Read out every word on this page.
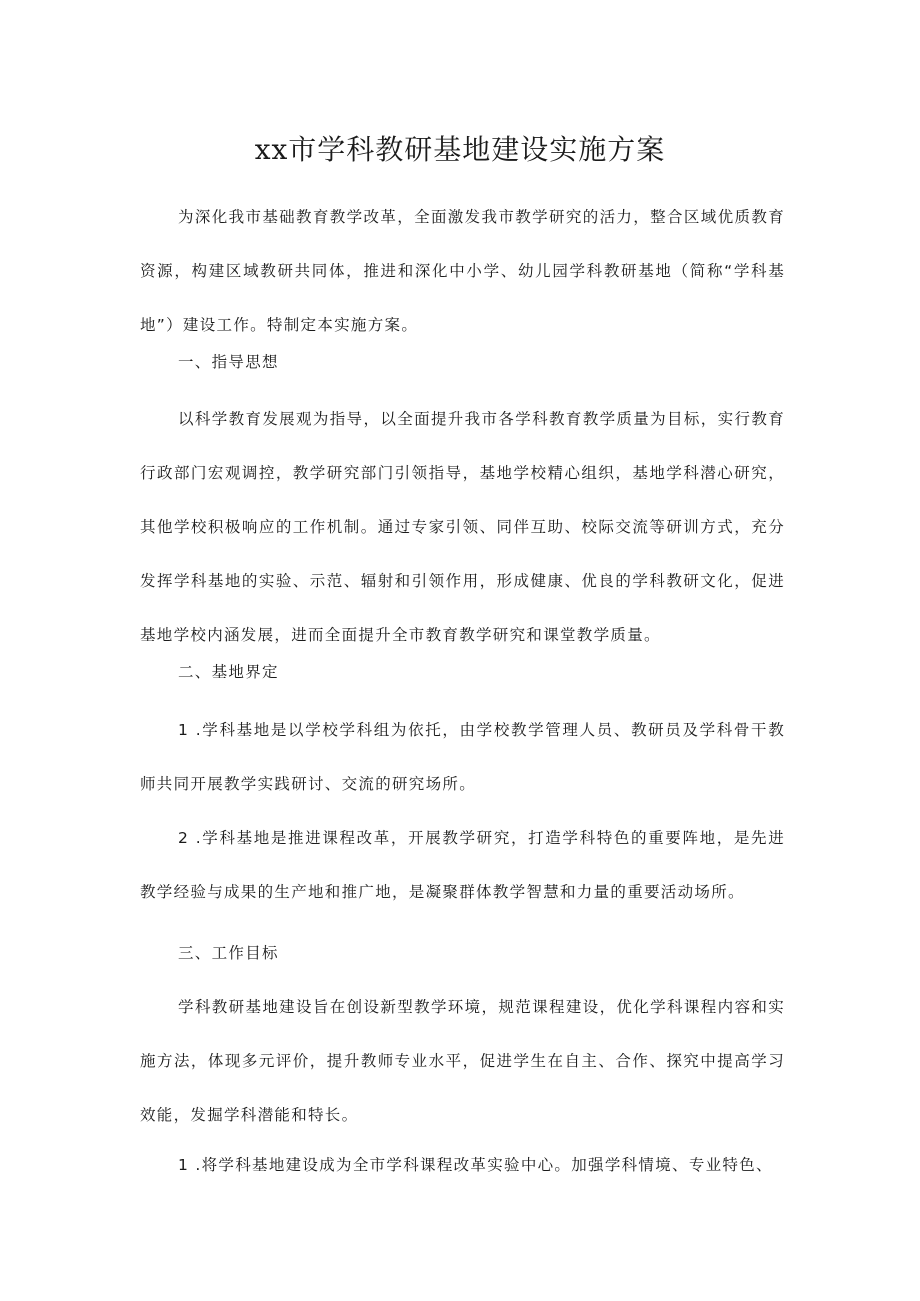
xx市学科教研基地建设实施方案

为深化我市基础教育教学改革，全面激发我市教学研究的活力，整合区域优质教育资源，构建区域教研共同体，推进和深化中小学、幼儿园学科教研基地（简称“学科基地”）建设工作。特制定本实施方案。

一、指导思想

以科学教育发展观为指导，以全面提升我市各学科教育教学质量为目标，实行教育行政部门宏观调控，教学研究部门引领指导，基地学校精心组织，基地学科潜心研究，其他学校积极响应的工作机制。通过专家引领、同伴互助、校际交流等研训方式，充分发挥学科基地的实验、示范、辐射和引领作用，形成健康、优良的学科教研文化，促进基地学校内涵发展，进而全面提升全市教育教学研究和课堂教学质量。

二、基地界定

1 .学科基地是以学校学科组为依托，由学校教学管理人员、教研员及学科骨干教师共同开展教学实践研讨、交流的研究场所。

2 .学科基地是推进课程改革，开展教学研究，打造学科特色的重要阵地，是先进教学经验与成果的生产地和推广地，是凝聚群体教学智慧和力量的重要活动场所。

三、工作目标

学科教研基地建设旨在创设新型教学环境，规范课程建设，优化学科课程内容和实施方法，体现多元评价，提升教师专业水平，促进学生在自主、合作、探究中提高学习效能，发掘学科潜能和特长。

1 .将学科基地建设成为全市学科课程改革实验中心。加强学科情境、专业特色、
